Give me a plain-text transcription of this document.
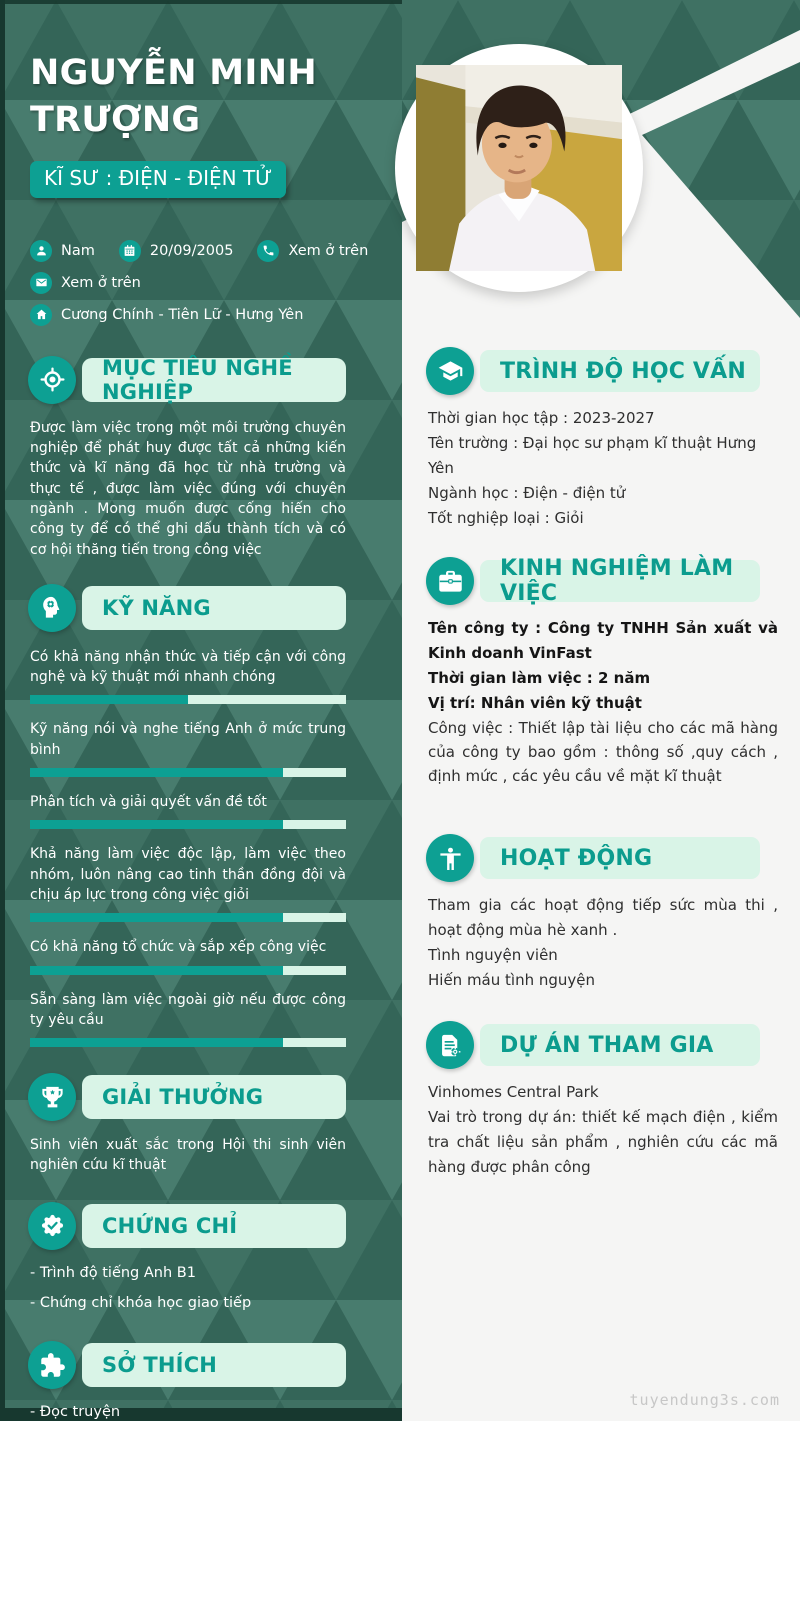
NGUYỄN MINH
TRƯỢNG
KĨ SƯ : ĐIỆN - ĐIỆN TỬ
Nam	20/09/2005	Xem ở trên
Xem ở trên
Cương Chính - Tiên Lữ - Hưng Yên
MỤC TIÊU NGHỀ NGHIỆP

Được làm việc trong một môi trường chuyên nghiệp để phát huy được tất cả những kiến thức và kĩ năng đã học từ nhà trường và thực tế , được làm việc đúng với chuyên ngành . Mong muốn được cống hiến cho công ty để có thể ghi dấu thành tích và có cơ hội thăng tiến trong công việc

KỸ NĂNG
Có khả năng nhận thức và tiếp cận với công nghệ và kỹ thuật mới nhanh chóng
Kỹ năng nói và nghe tiếng Anh ở mức trung bình
Phân tích và giải quyết vấn đề tốt
Khả năng làm việc độc lập, làm việc theo nhóm, luôn nâng cao tinh thần đồng đội và chịu áp lực trong công việc giỏi
Có khả năng tổ chức và sắp xếp công việc
Sẵn sàng làm việc ngoài giờ nếu được công ty yêu cầu
GIẢI THƯỞNG

Sinh viên xuất sắc trong Hội thi sinh viên nghiên cứu kĩ thuật

CHỨNG CHỈ
- Trình độ tiếng Anh B1
- Chứng chỉ khóa học giao tiếp
SỞ THÍCH
- Đọc truyện
- Xem phim
- Nghe nhạc
- Đi du lịch
- Chơi thể thao
- Nấu ăn
TRÌNH ĐỘ HỌC VẤN
Thời gian học tập : 2023-2027
Tên trường : Đại học sư phạm kĩ thuật Hưng Yên
Ngành học : Điện - điện tử
Tốt nghiệp loại : Giỏi
KINH NGHIỆM LÀM VIỆC
Tên công ty : Công ty TNHH Sản xuất và Kinh doanh VinFast
Thời gian làm việc : 2 năm
Vị trí: Nhân viên kỹ thuật
Công việc : Thiết lập tài liệu cho các mã hàng của công ty bao gồm : thông số ,quy cách , định mức , các yêu cầu về mặt kĩ thuật
HOẠT ĐỘNG
Tham gia các hoạt động tiếp sức mùa thi , hoạt động mùa hè xanh .
Tình nguyện viên
Hiến máu tình nguyện
DỰ ÁN THAM GIA
Vinhomes Central Park
Vai trò trong dự án: thiết kế mạch điện , kiểm tra chất liệu sản phẩm , nghiên cứu các mã hàng được phân công
tuyendung3s.com
